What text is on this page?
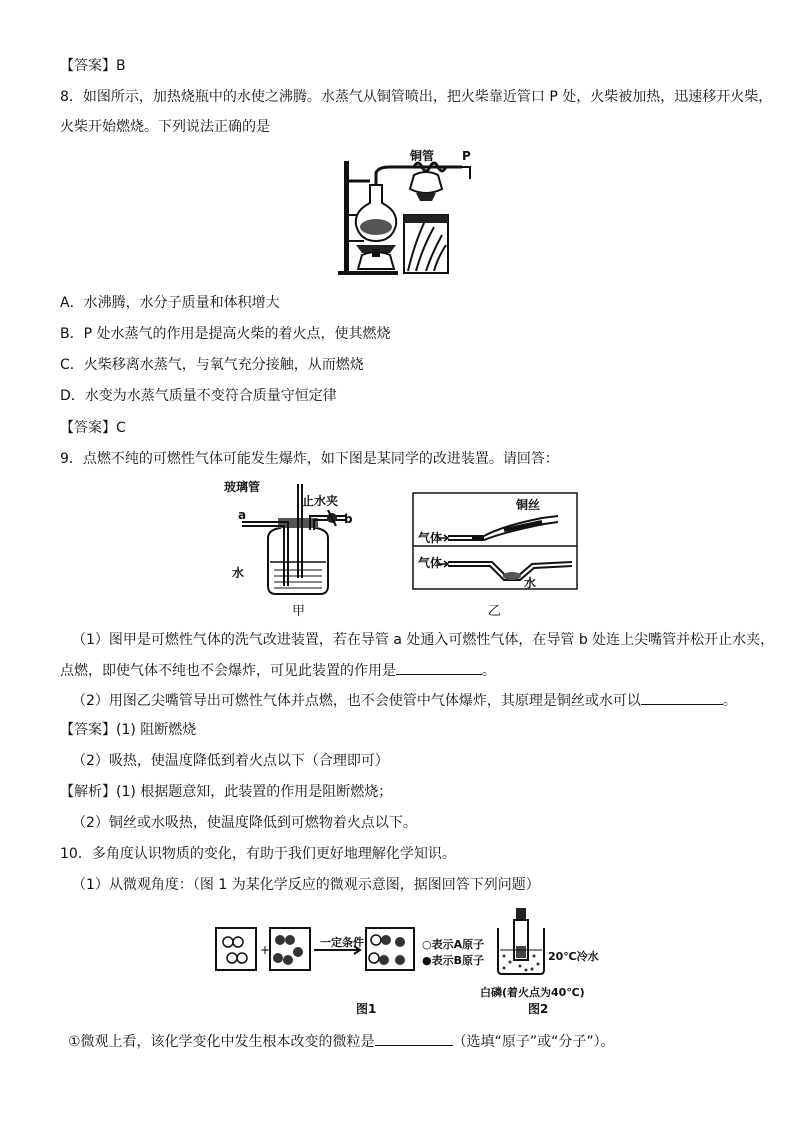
【答案】B
8．如图所示，加热烧瓶中的水使之沸腾。水蒸气从铜管喷出，把火柴靠近管口 P 处，火柴被加热，迅速移开火柴，
火柴开始燃烧。下列说法正确的是
铜管 P
A．水沸腾，水分子质量和体积增大
B．P 处水蒸气的作用是提高火柴的着火点，使其燃烧
C．火柴移离水蒸气，与氧气充分接触，从而燃烧
D．水变为水蒸气质量不变符合质量守恒定律
【答案】C
9．点燃不纯的可燃性气体可能发生爆炸，如下图是某同学的改进装置。请回答：
玻璃管
止水夹
a	b
水
甲
铜丝
气体
气体
水
乙
（1）图甲是可燃性气体的洗气改进装置，若在导管 a 处通入可燃性气体，在导管 b 处连上尖嘴管并松开止水夹，
点燃，即使气体不纯也不会爆炸，可见此装置的作用是	。
（2）用图乙尖嘴管导出可燃性气体并点燃，也不会使管中气体爆炸，其原理是铜丝或水可以	。
【答案】(1) 阻断燃烧
（2）吸热，使温度降低到着火点以下（合理即可）
【解析】(1) 根据题意知，此装置的作用是阻断燃烧；
（2）铜丝或水吸热，使温度降低到可燃物着火点以下。
10．多角度认识物质的变化，有助于我们更好地理解化学知识。
（1）从微观角度：（图 1 为某化学反应的微观示意图，据图回答下列问题）
+
一定条件	○表示A原子
●表示B原子
图1
20℃冷水
白磷(着火点为40℃)
图2
①微观上看，该化学变化中发生根本改变的微粒是	（选填“原子”或“分子”）。
